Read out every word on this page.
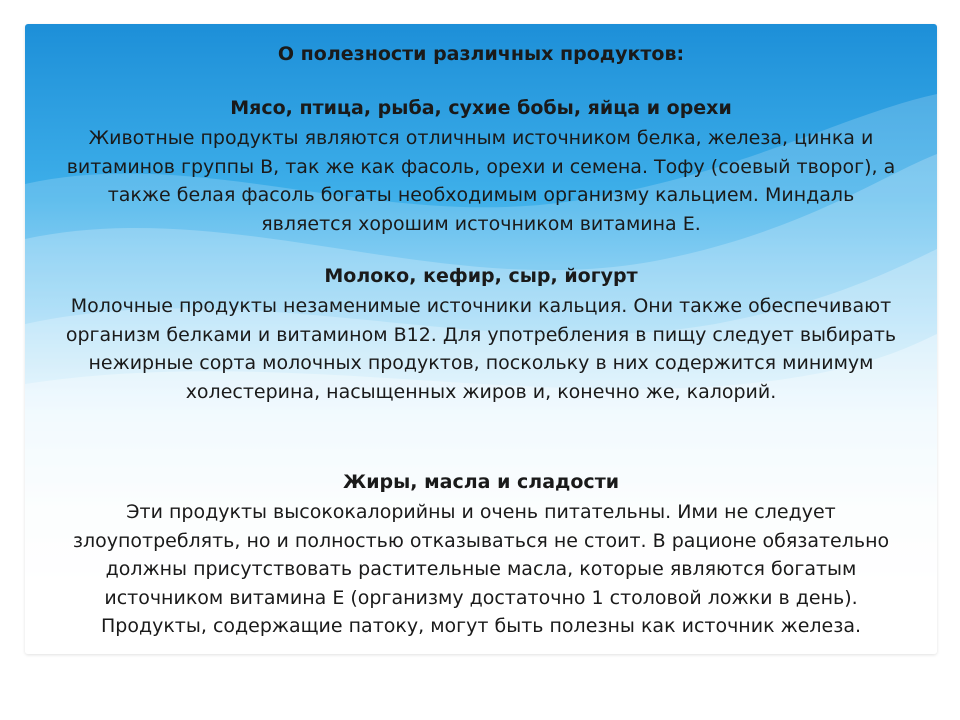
О полезности различных продуктов:

Мясо, птица, рыба, сухие бобы, яйца и орехи

Животные продукты являются отличным источником белка, железа, цинка и витаминов группы В, так же как фасоль, орехи и семена. Тофу (соевый творог), а также белая фасоль богаты необходимым организму кальцием. Миндаль является хорошим источником витамина Е.

Молоко, кефир, сыр, йогурт

Молочные продукты незаменимые источники кальция. Они также обеспечивают организм белками и витамином В12. Для употребления в пищу следует выбирать нежирные сорта молочных продуктов, поскольку в них содержится минимум холестерина, насыщенных жиров и, конечно же, калорий.

Жиры, масла и сладости

Эти продукты высококалорийны и очень питательны. Ими не следует злоупотреблять, но и полностью отказываться не стоит. В рационе обязательно должны присутствовать растительные масла, которые являются богатым источником витамина Е (организму достаточно 1 столовой ложки в день). Продукты, содержащие патоку, могут быть полезны как источник железа.
